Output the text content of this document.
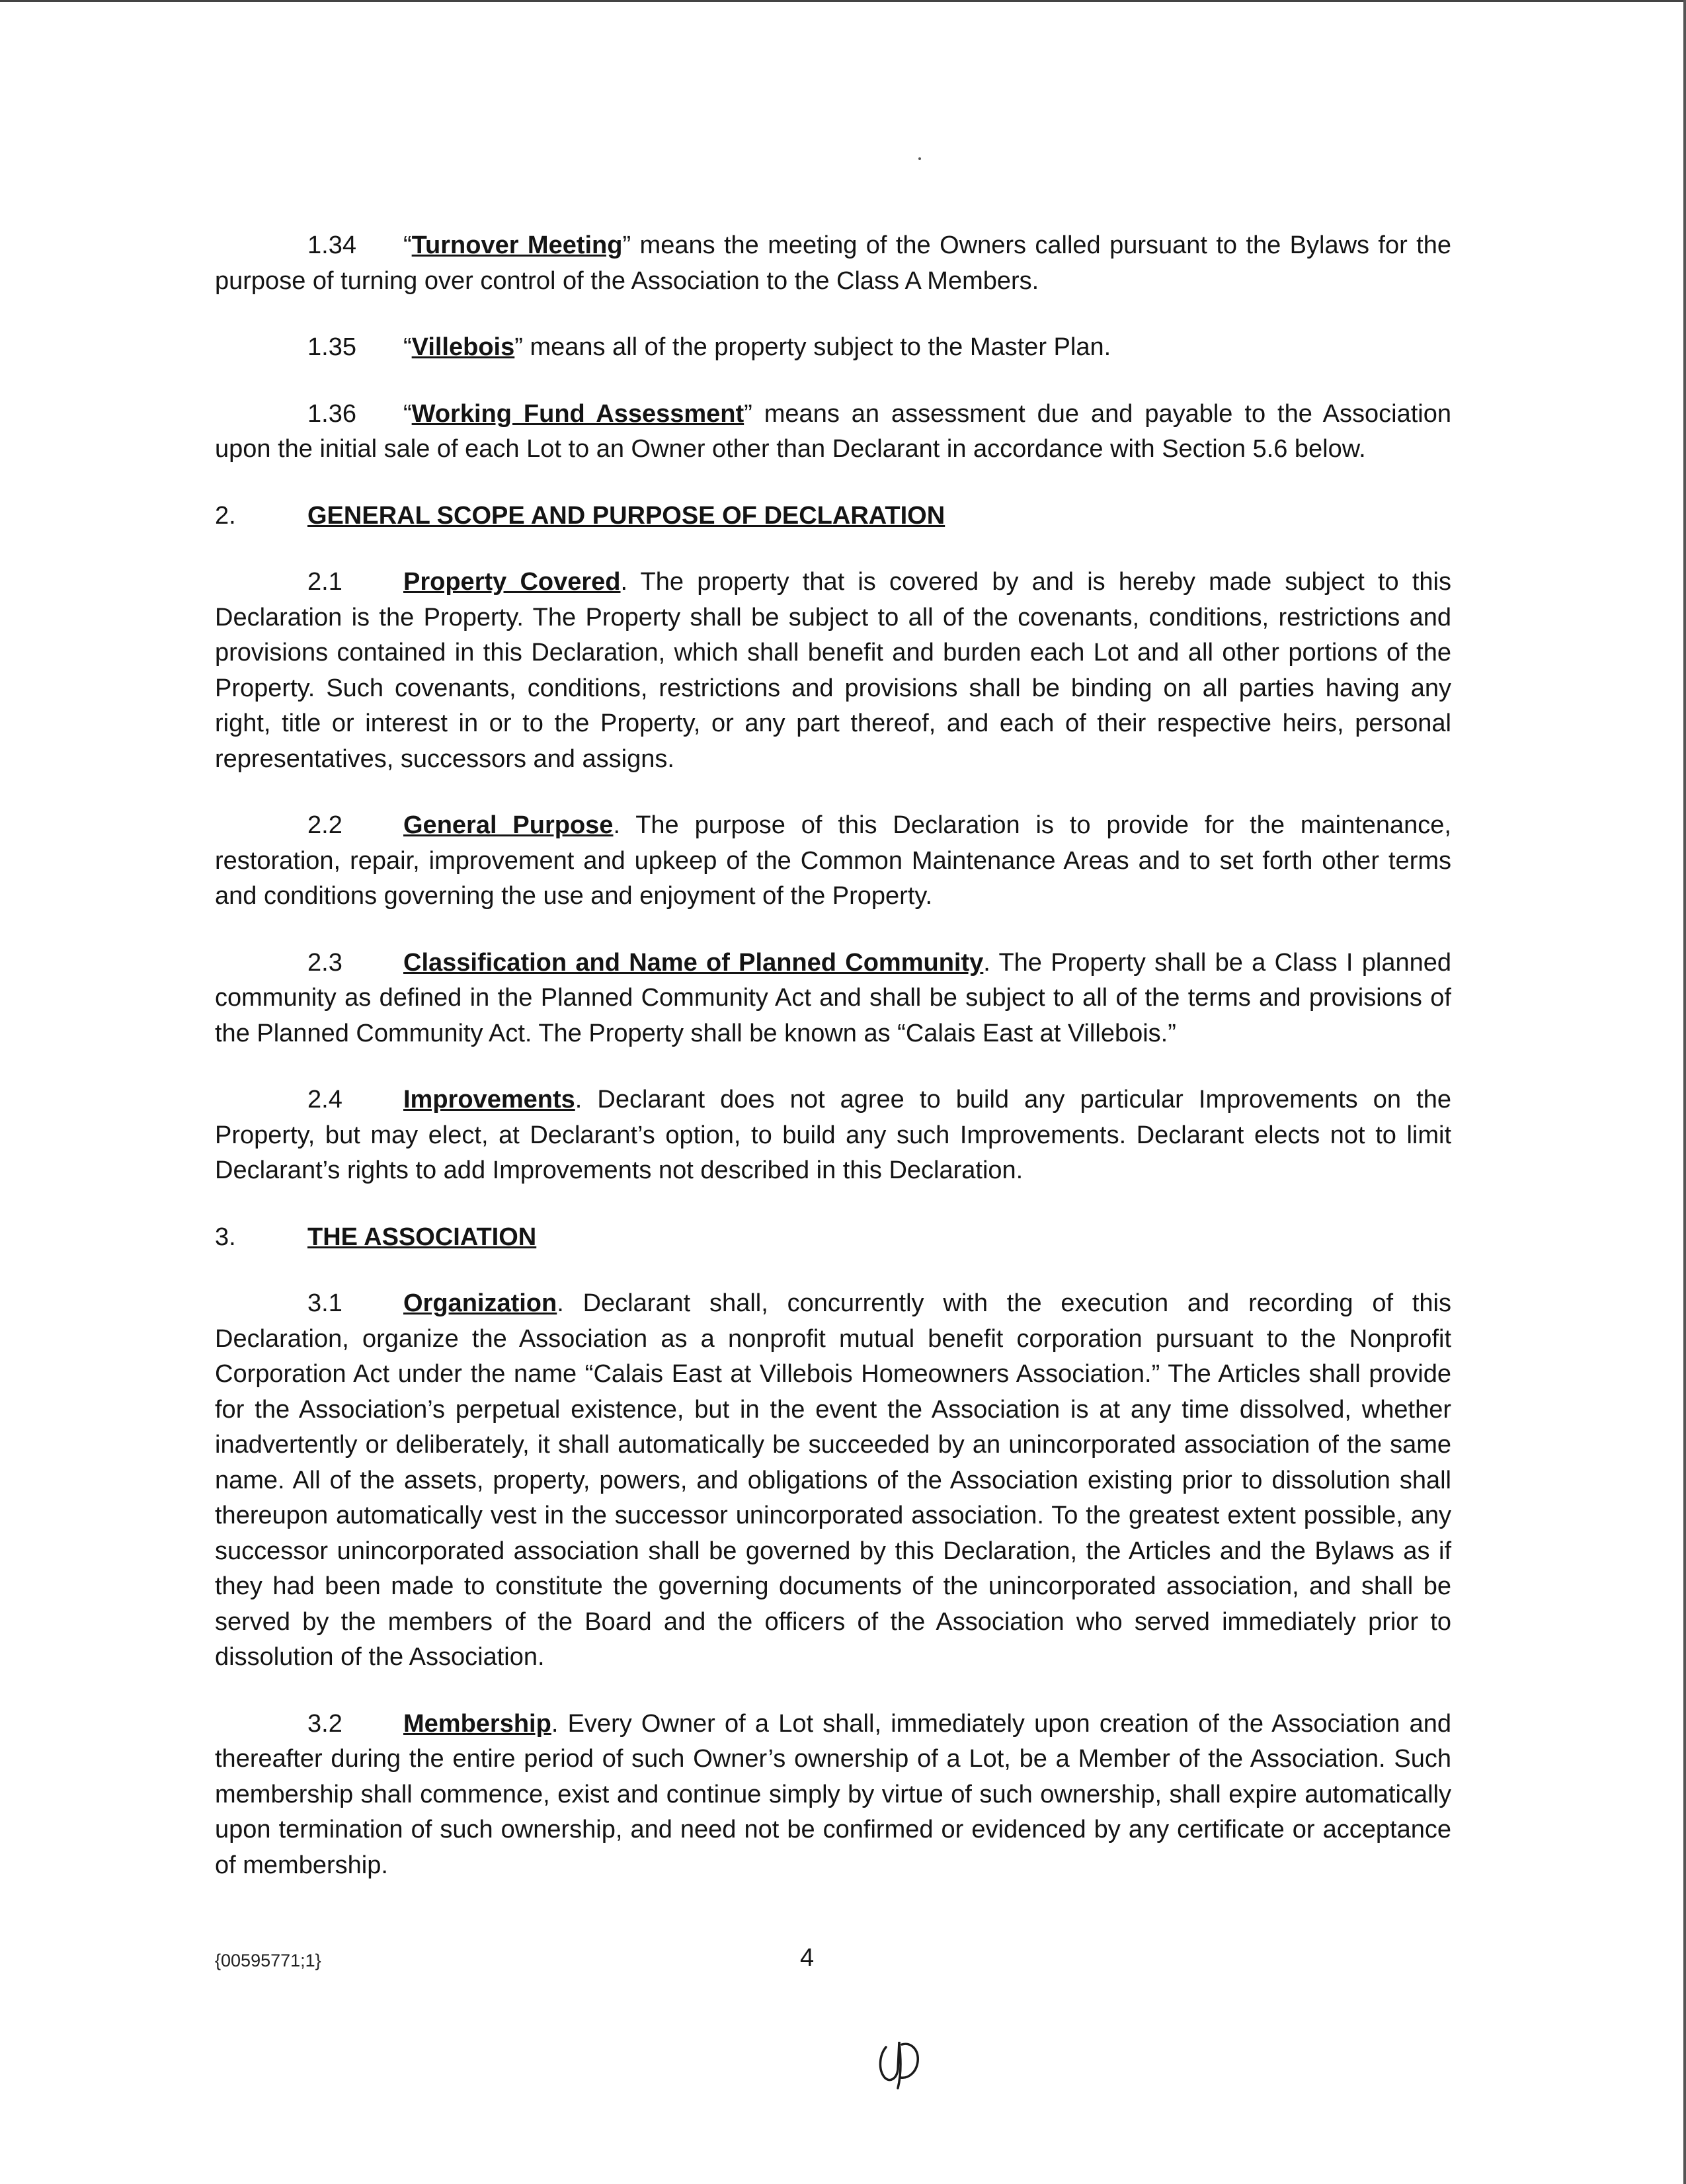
1.34 “Turnover Meeting” means the meeting of the Owners called pursuant to the Bylaws for the purpose of turning over control of the Association to the Class A Members.

1.35 “Villebois” means all of the property subject to the Master Plan.

1.36 “Working Fund Assessment” means an assessment due and payable to the Association upon the initial sale of each Lot to an Owner other than Declarant in accordance with Section 5.6 below.

2.	GENERAL SCOPE AND PURPOSE OF DECLARATION

2.1 Property Covered. The property that is covered by and is hereby made subject to this Declaration is the Property. The Property shall be subject to all of the covenants, conditions, restrictions and provisions contained in this Declaration, which shall benefit and burden each Lot and all other portions of the Property. Such covenants, conditions, restrictions and provisions shall be binding on all parties having any right, title or interest in or to the Property, or any part thereof, and each of their respective heirs, personal representatives, successors and assigns.

2.2 General Purpose. The purpose of this Declaration is to provide for the maintenance, restoration, repair, improvement and upkeep of the Common Maintenance Areas and to set forth other terms and conditions governing the use and enjoyment of the Property.

2.3 Classification and Name of Planned Community. The Property shall be a Class I planned community as defined in the Planned Community Act and shall be subject to all of the terms and provisions of the Planned Community Act. The Property shall be known as “Calais East at Villebois.”

2.4 Improvements. Declarant does not agree to build any particular Improvements on the Property, but may elect, at Declarant’s option, to build any such Improvements. Declarant elects not to limit Declarant’s rights to add Improvements not described in this Declaration.

3.	THE ASSOCIATION

3.1 Organization. Declarant shall, concurrently with the execution and recording of this Declaration, organize the Association as a nonprofit mutual benefit corporation pursuant to the Nonprofit Corporation Act under the name “Calais East at Villebois Homeowners Association.” The Articles shall provide for the Association’s perpetual existence, but in the event the Association is at any time dissolved, whether inadvertently or deliberately, it shall automatically be succeeded by an unincorporated association of the same name. All of the assets, property, powers, and obligations of the Association existing prior to dissolution shall thereupon automatically vest in the successor unincorporated association. To the greatest extent possible, any successor unincorporated association shall be governed by this Declaration, the Articles and the Bylaws as if they had been made to constitute the governing documents of the unincorporated association, and shall be served by the members of the Board and the officers of the Association who served immediately prior to dissolution of the Association.

3.2 Membership. Every Owner of a Lot shall, immediately upon creation of the Association and thereafter during the entire period of such Owner’s ownership of a Lot, be a Member of the Association. Such membership shall commence, exist and continue simply by virtue of such ownership, shall expire automatically upon termination of such ownership, and need not be confirmed or evidenced by any certificate or acceptance of membership.

{00595771;1}	4
